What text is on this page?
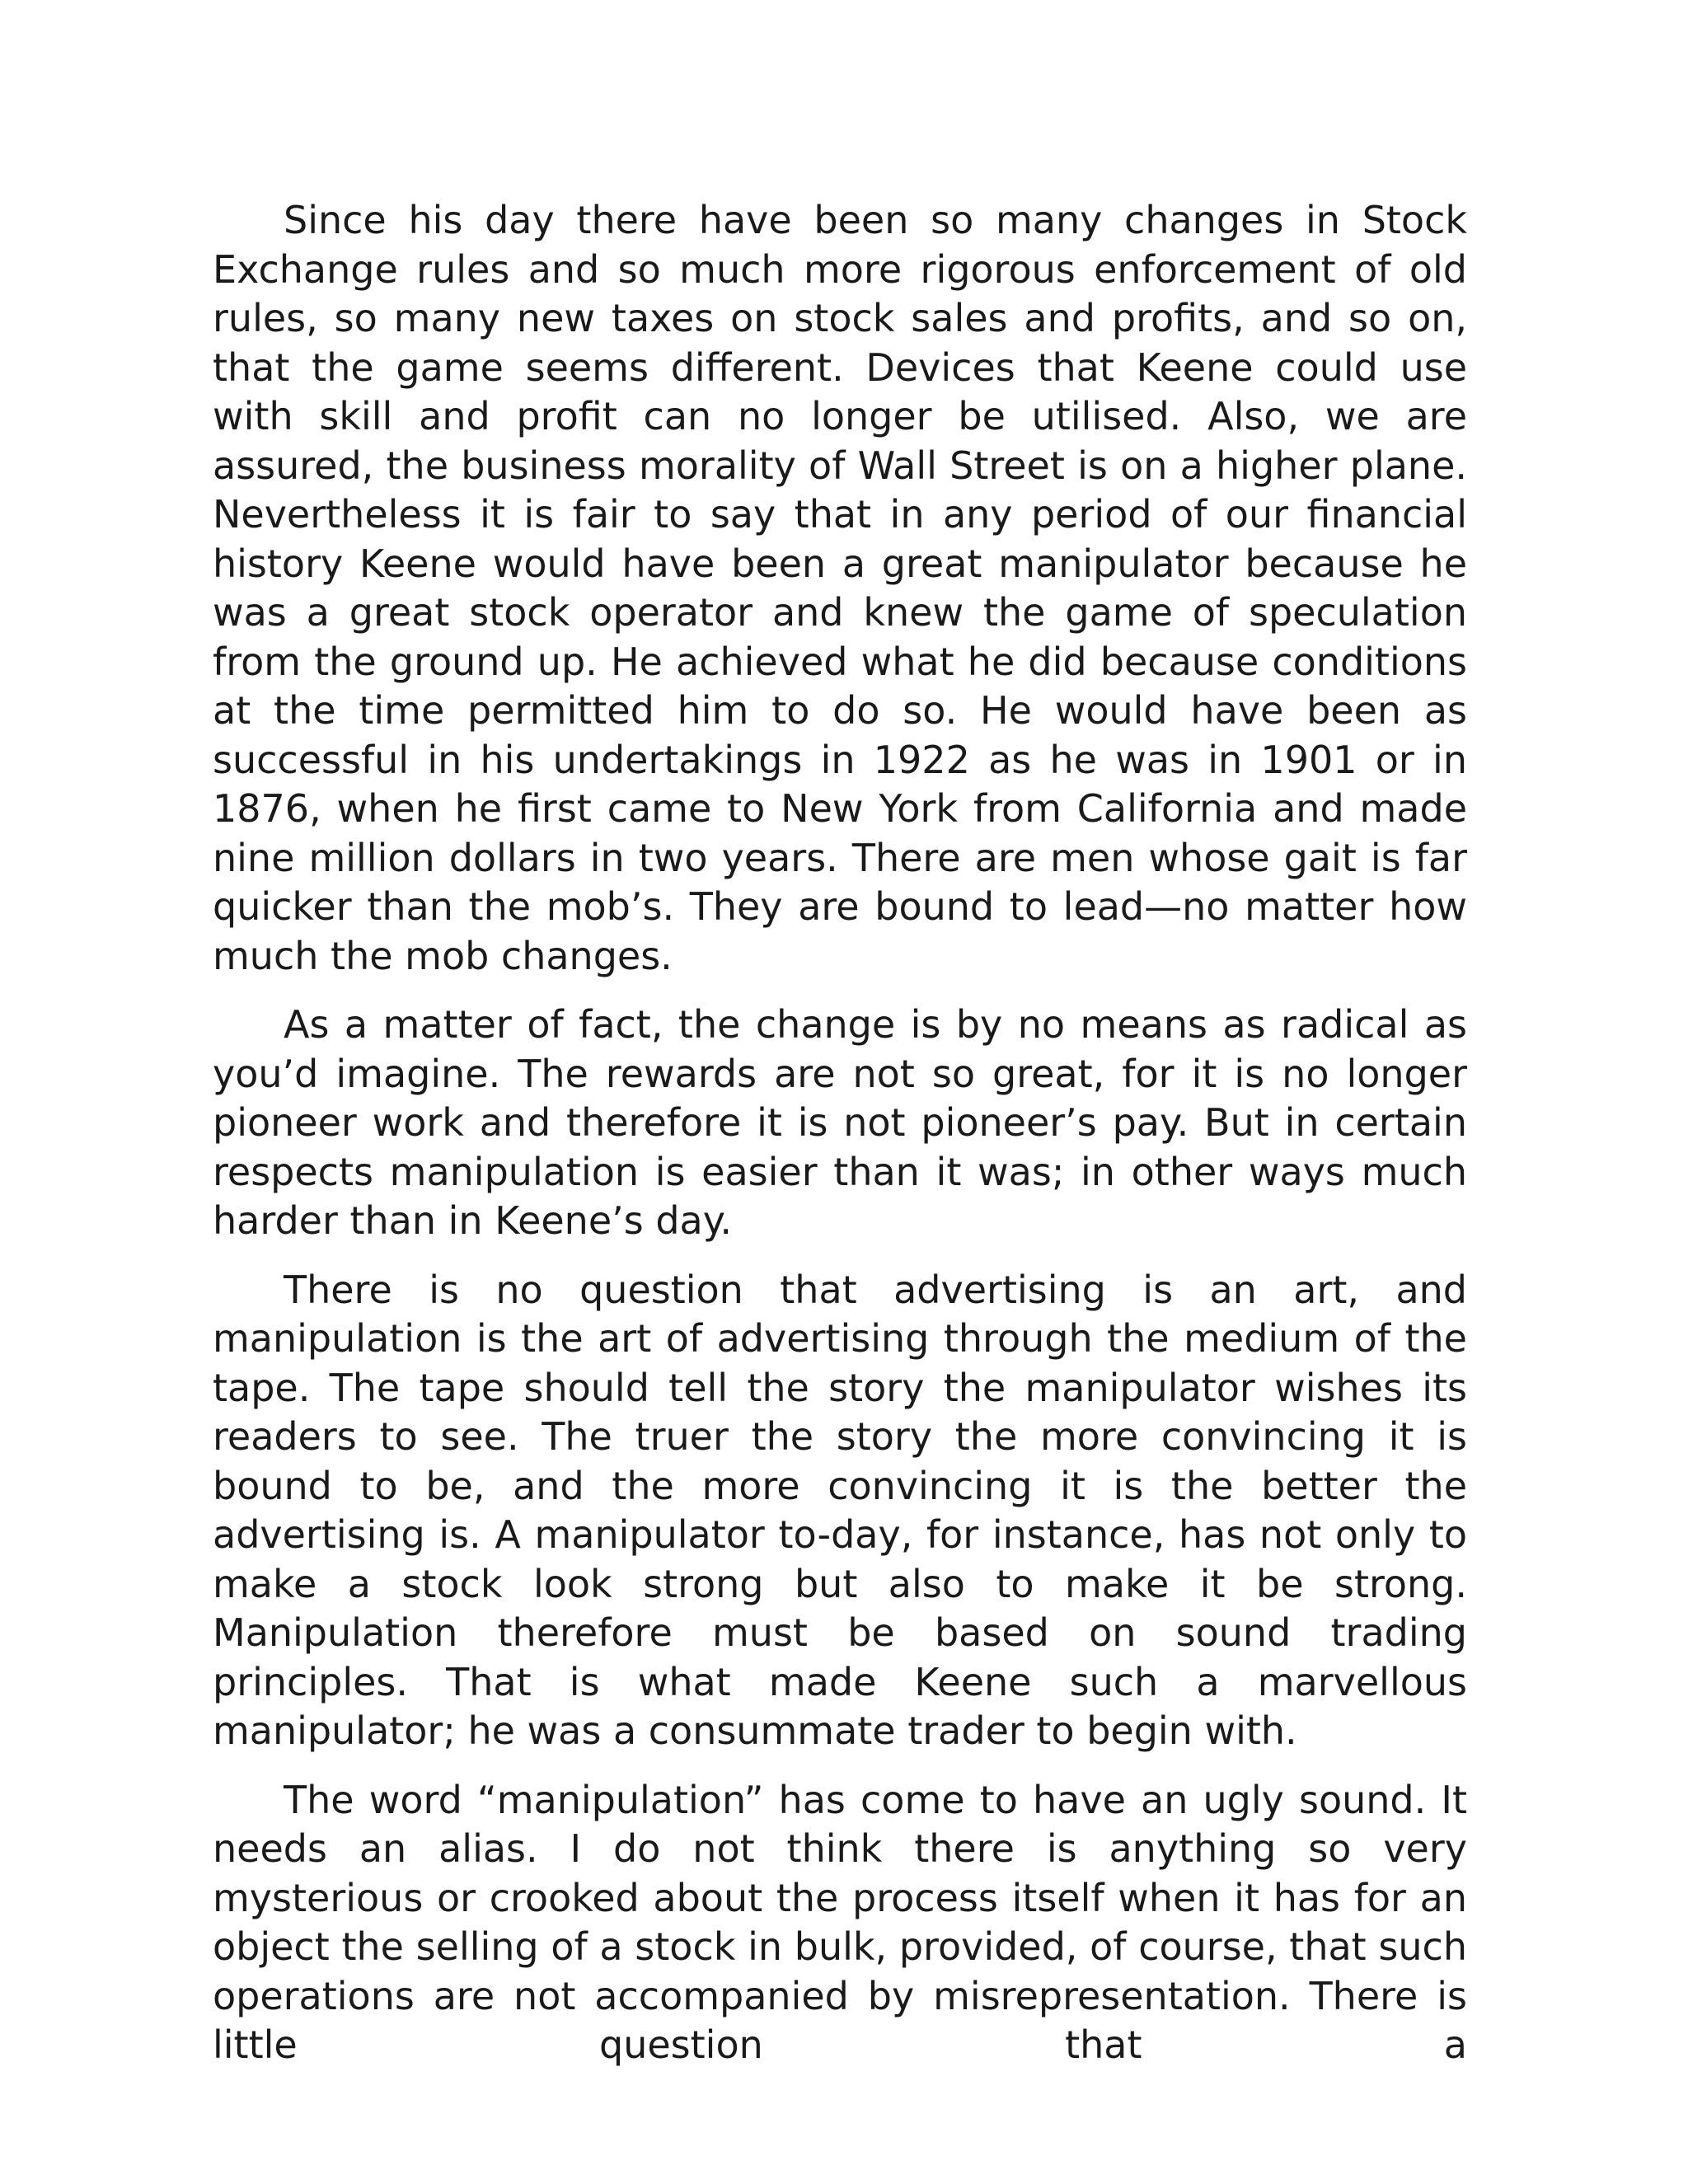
Since his day there have been so many changes in Stock Exchange rules and so much more rigorous enforcement of old rules, so many new taxes on stock sales and profits, and so on, that the game seems different. Devices that Keene could use with skill and profit can no longer be utilised. Also, we are assured, the business morality of Wall Street is on a higher plane. Nevertheless it is fair to say that in any period of our financial history Keene would have been a great manipulator because he was a great stock operator and knew the game of speculation from the ground up. He achieved what he did because conditions at the time permitted him to do so. He would have been as successful in his undertakings in 1922 as he was in 1901 or in 1876, when he first came to New York from California and made nine million dollars in two years. There are men whose gait is far quicker than the mob’s. They are bound to lead—no matter how much the mob changes.

As a matter of fact, the change is by no means as radical as you’d imagine. The rewards are not so great, for it is no longer pioneer work and therefore it is not pioneer’s pay. But in certain respects manipulation is easier than it was; in other ways much harder than in Keene’s day.

There is no question that advertising is an art, and manipulation is the art of advertising through the medium of the tape. The tape should tell the story the manipulator wishes its readers to see. The truer the story the more convincing it is bound to be, and the more convincing it is the better the advertising is. A manipulator to-day, for instance, has not only to make a stock look strong but also to make it be strong. Manipulation therefore must be based on sound trading principles. That is what made Keene such a marvellous manipulator; he was a consummate trader to begin with.

The word “manipulation” has come to have an ugly sound. It needs an alias. I do not think there is anything so very mysterious or crooked about the process itself when it has for an object the selling of a stock in bulk, provided, of course, that such operations are not accompanied by misrepresentation. There is little question that a
